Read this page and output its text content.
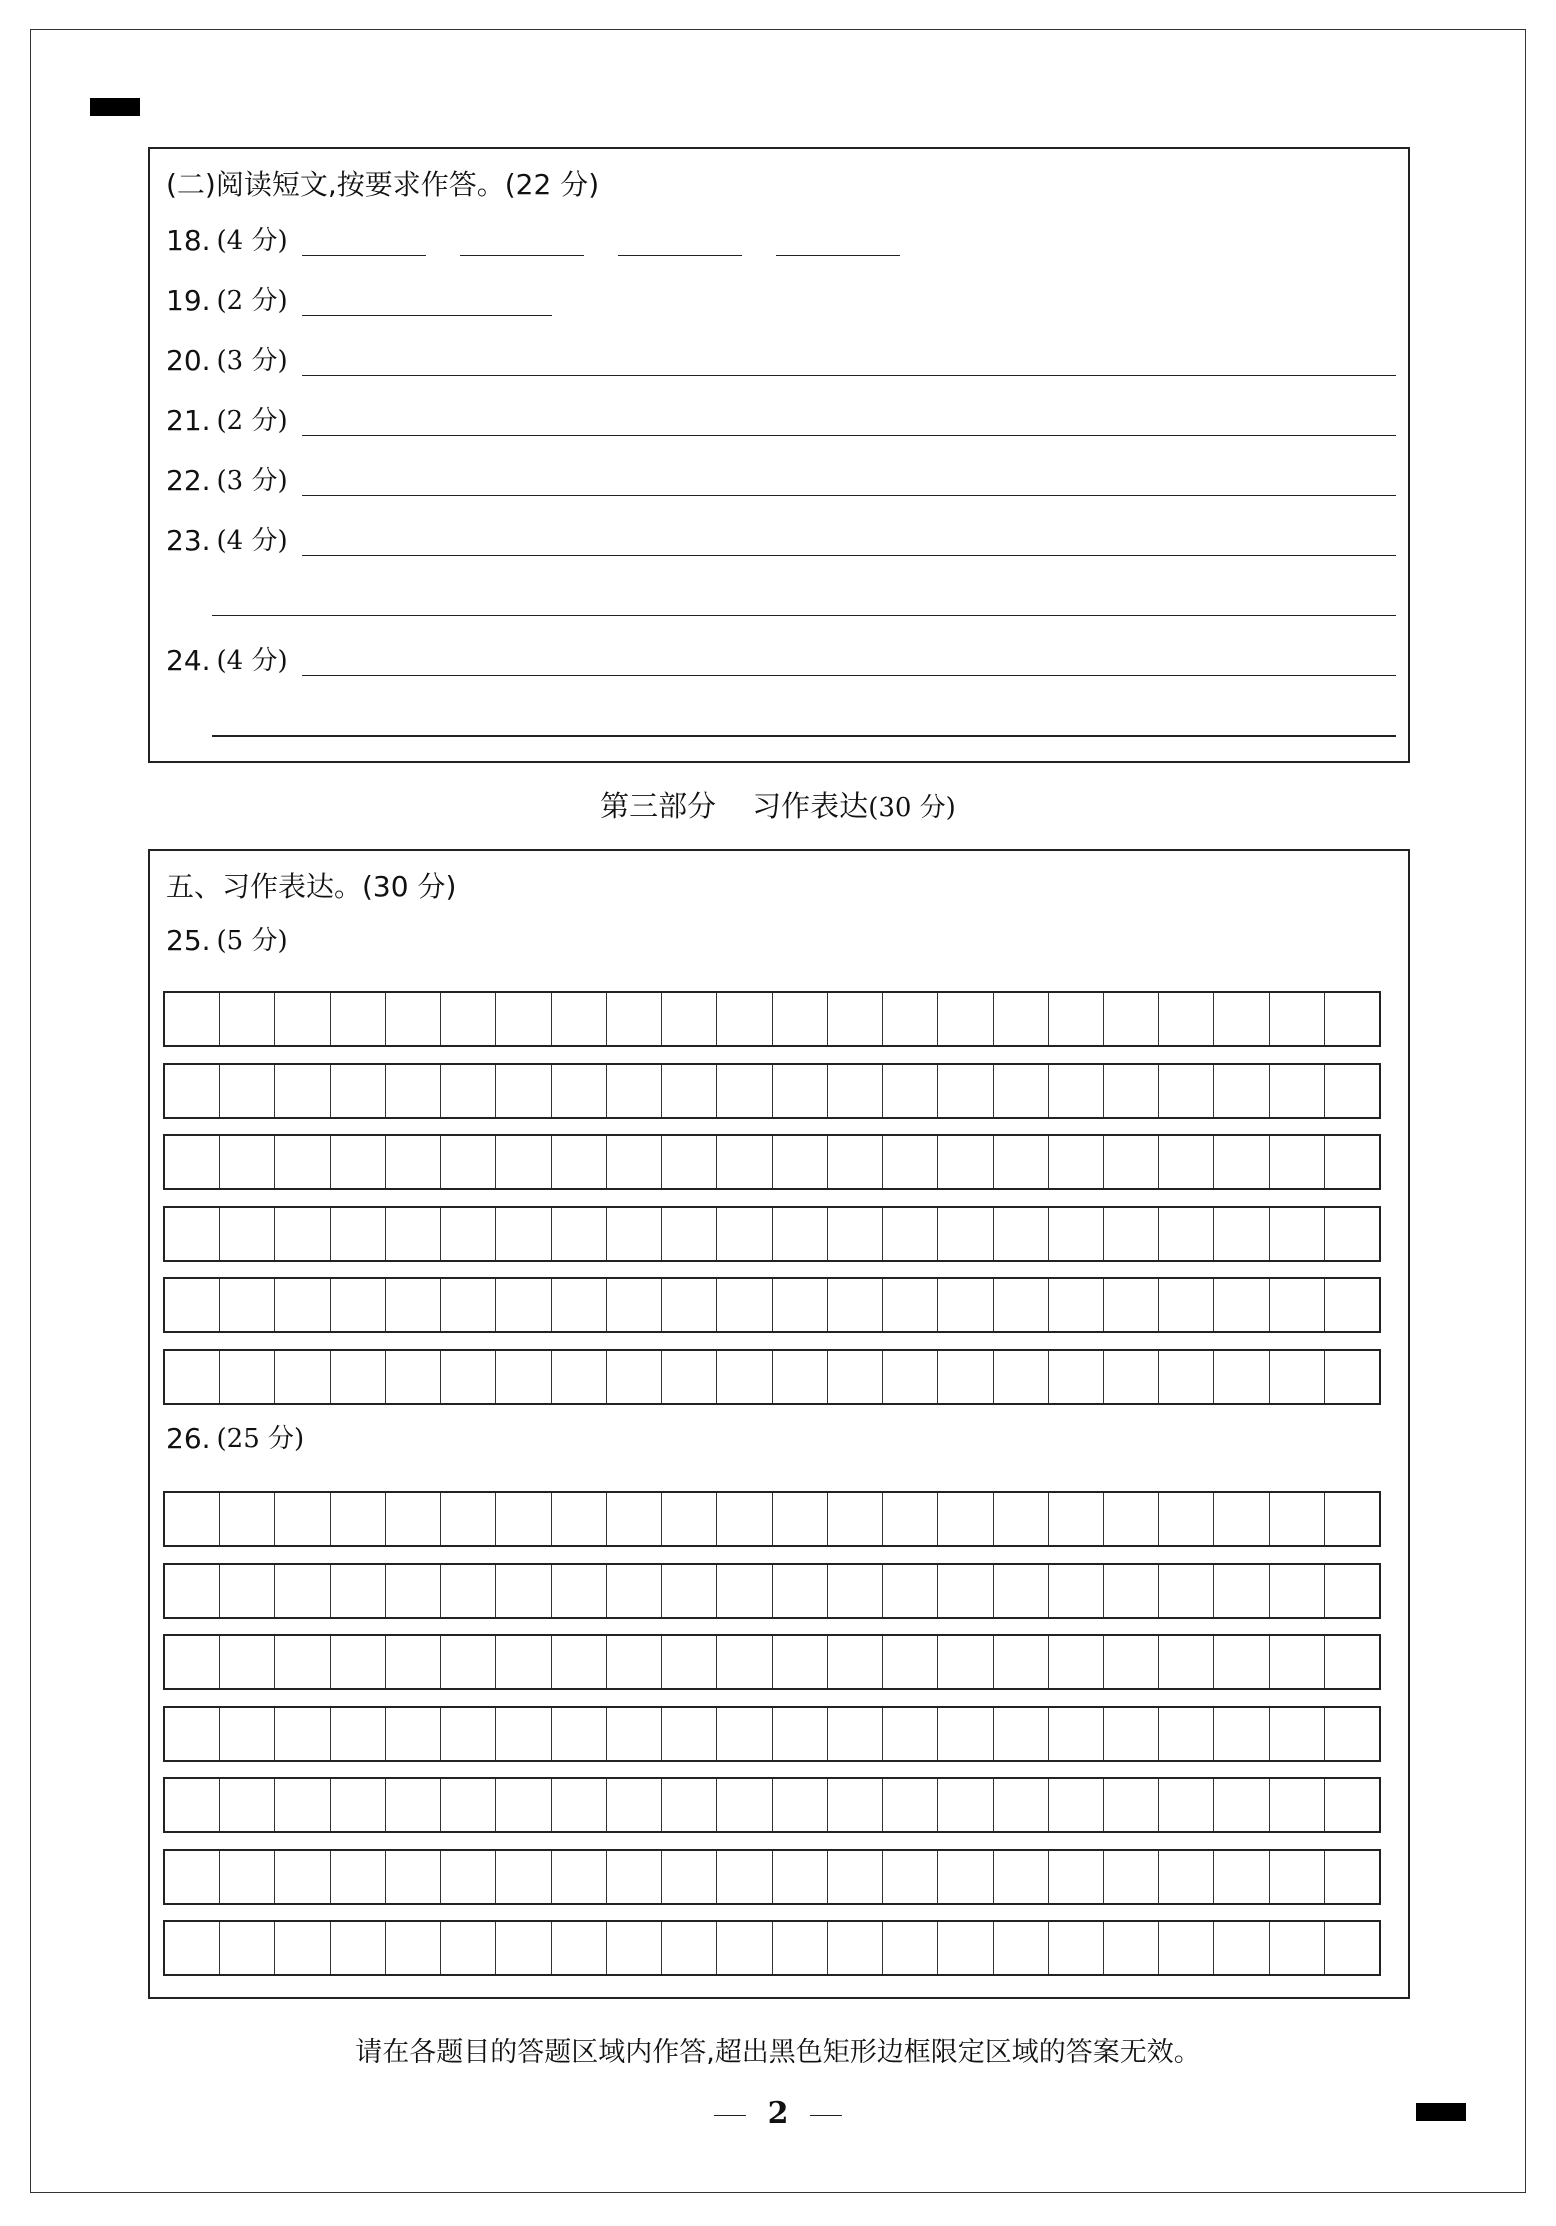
(二)阅读短文,按要求作答。(22 分)
18. (4 分)
19. (2 分)
20. (3 分)
21. (2 分)
22. (3 分)
23. (4 分)
24. (4 分)
第三部分 习作表达(30 分)
五、习作表达。(30 分)
25. (5 分)
26. (25 分)
请在各题目的答题区域内作答,超出黑色矩形边框限定区域的答案无效。
2
